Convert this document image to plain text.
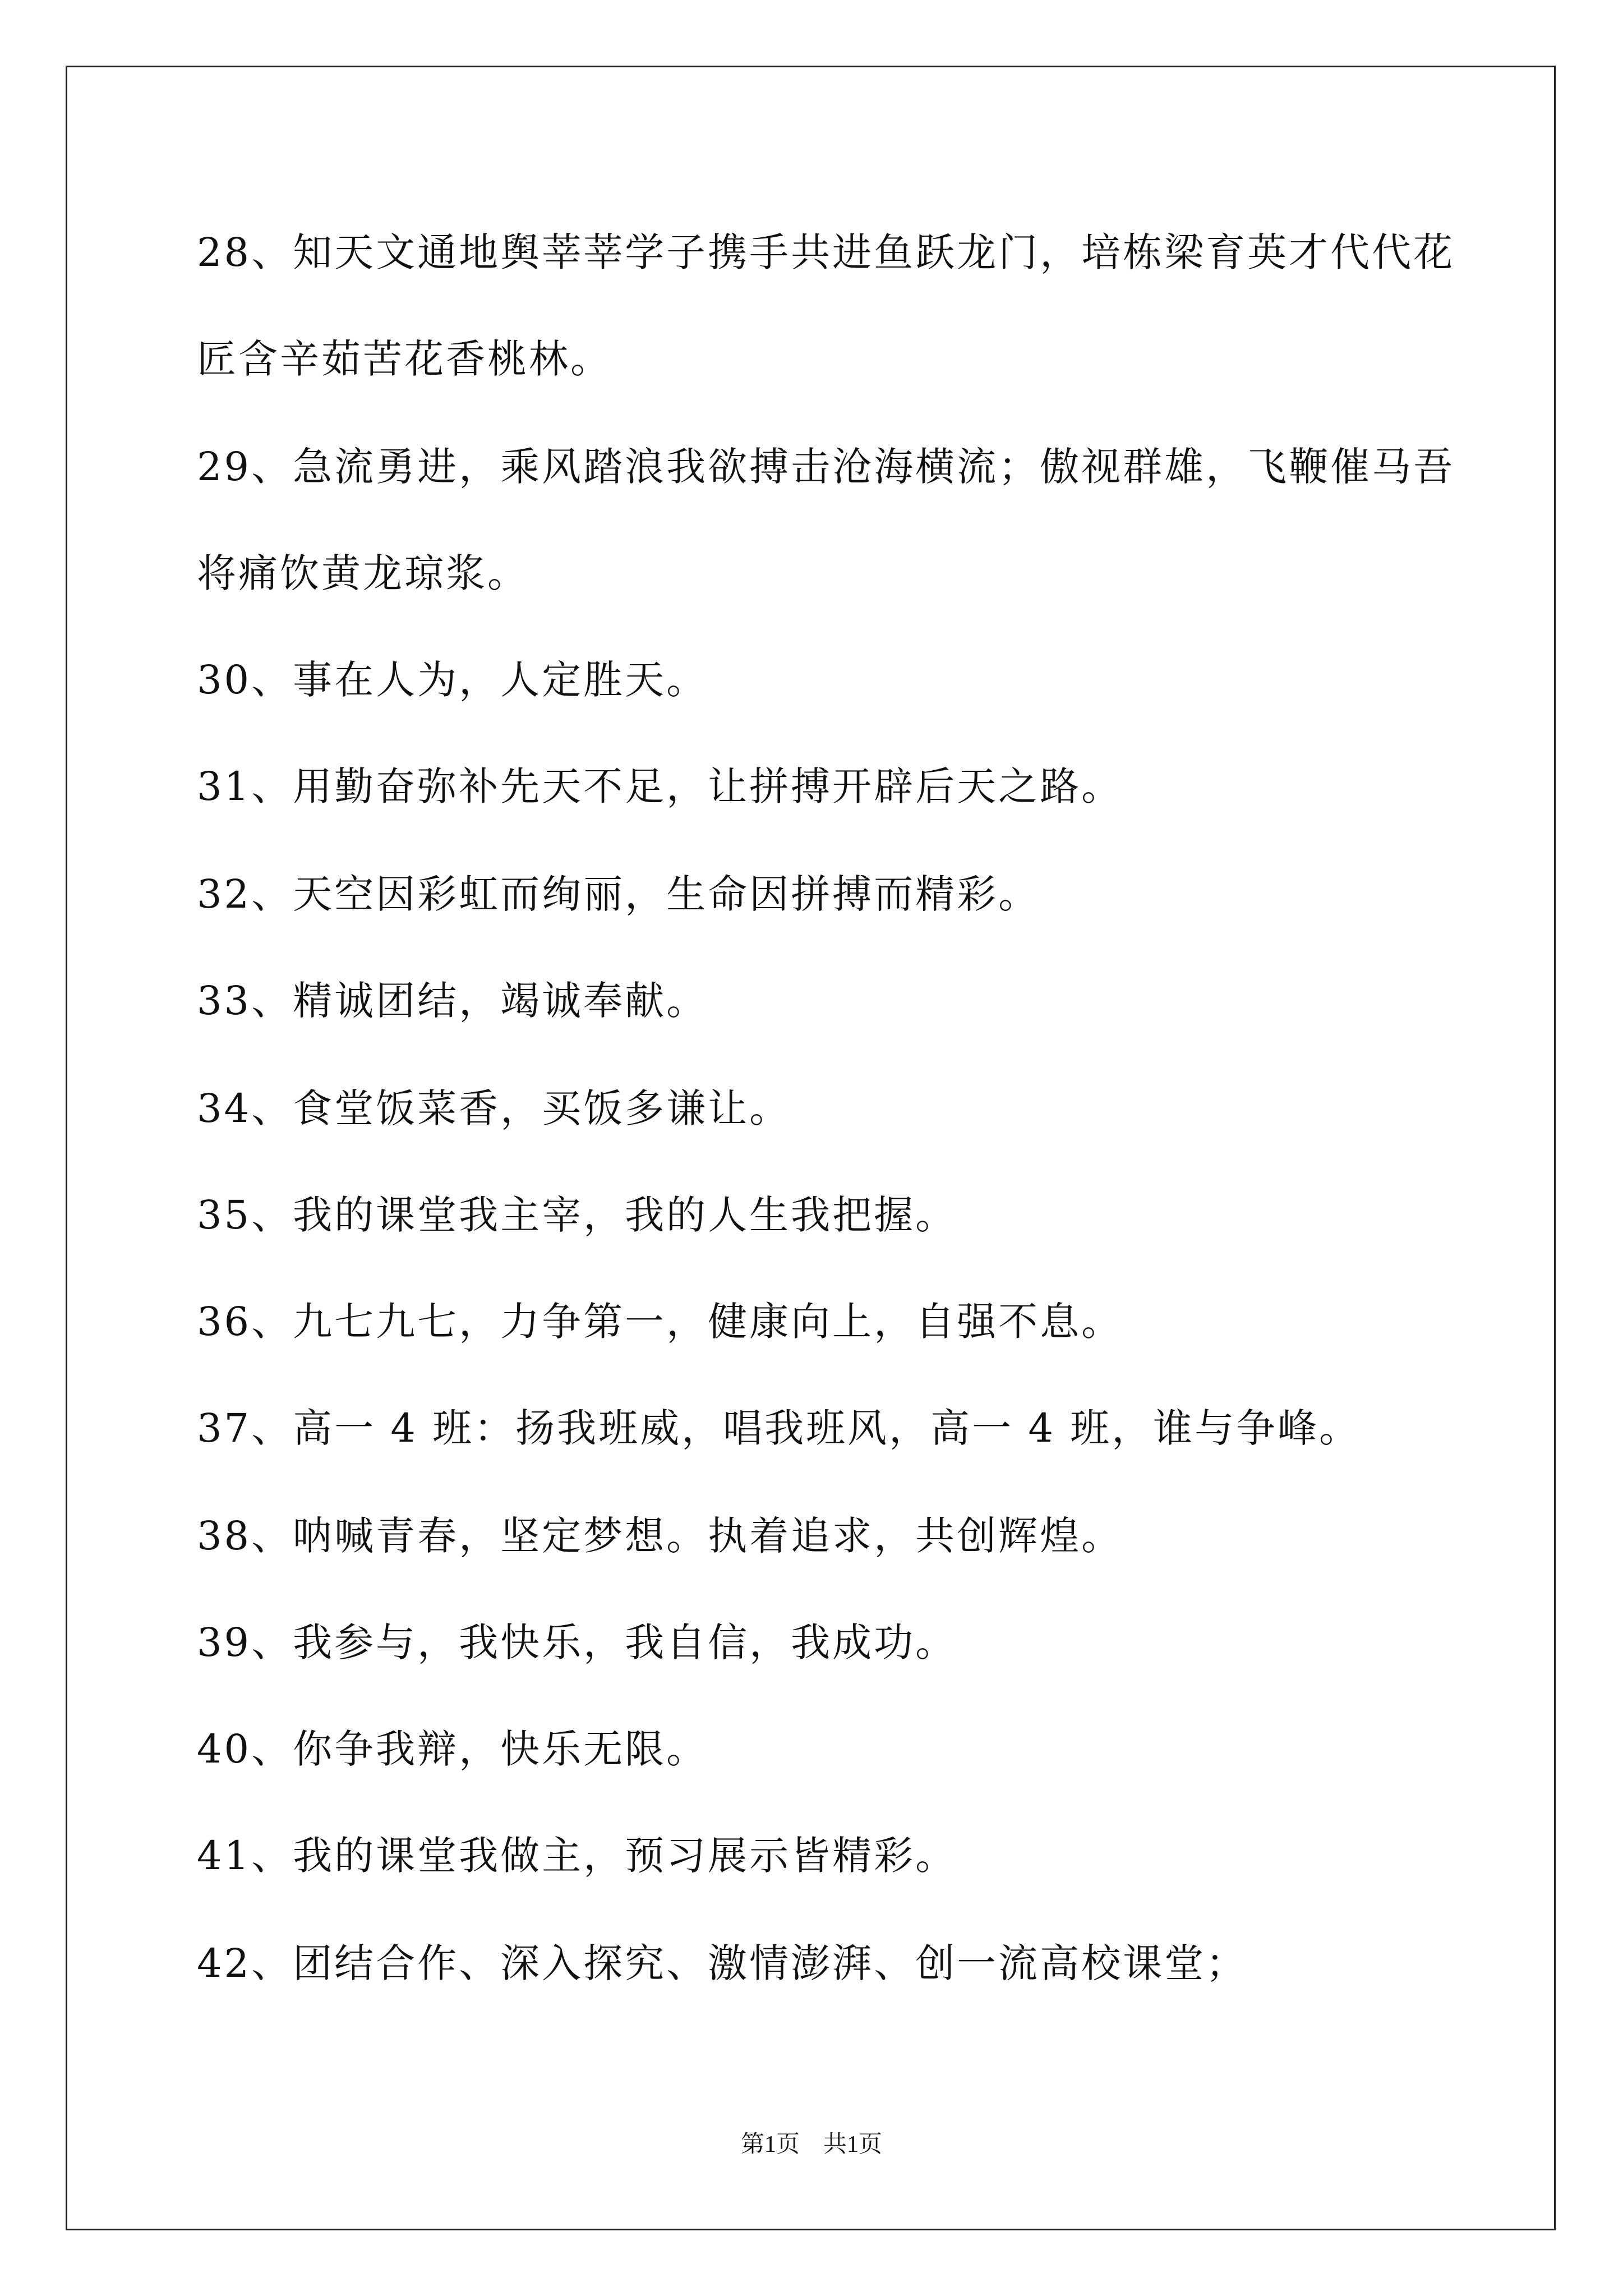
28、知天文通地舆莘莘学子携手共进鱼跃龙门，培栋梁育英才代代花
匠含辛茹苦花香桃林。
29、急流勇进，乘风踏浪我欲搏击沧海横流；傲视群雄，飞鞭催马吾
将痛饮黄龙琼浆。
30、事在人为，人定胜天。
31、用勤奋弥补先天不足，让拼搏开辟后天之路。
32、天空因彩虹而绚丽，生命因拼搏而精彩。
33、精诚团结，竭诚奉献。
34、食堂饭菜香，买饭多谦让。
35、我的课堂我主宰，我的人生我把握。
36、九七九七，力争第一，健康向上，自强不息。
37、高一 4 班：扬我班威，唱我班风，高一 4 班，谁与争峰。
38、呐喊青春，坚定梦想。执着追求，共创辉煌。
39、我参与，我快乐，我自信，我成功。
40、你争我辩，快乐无限。
41、我的课堂我做主，预习展示皆精彩。
42、团结合作、深入探究、激情澎湃、创一流高校课堂；
第1页　共1页
